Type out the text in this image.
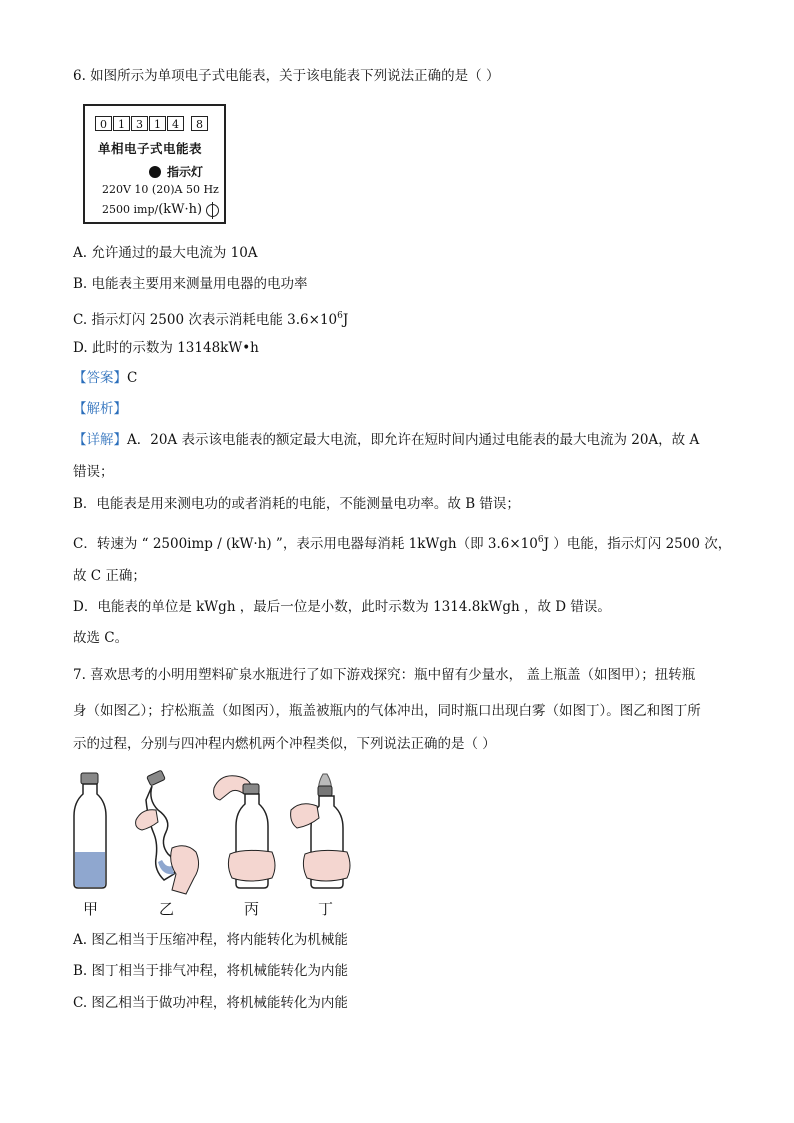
6. 如图所示为单项电子式电能表，关于该电能表下列说法正确的是（ ）
0	1	3	1	4	8
单相电子式电能表
指示灯
220V 10 (20)A 50 Hz
2500 imp/(kW·h)
A. 允许通过的最大电流为 10A
B. 电能表主要用来测量用电器的电功率
C. 指示灯闪 2500 次表示消耗电能 $3.6\times 10^6J$
D. 此时的示数为 13148kW•h
【答案】C
【解析】
【详解】A．20A 表示该电能表的额定最大电流，即允许在短时间内通过电能表的最大电流为 20A，故 A
错误；
B．电能表是用来测电功的或者消耗的电能，不能测量电功率。故 B 错误；
C．转速为 “ 2500imp / (kW·h) ”，表示用电器每消耗 1kWgh（即 $3.6\times 10^6J$ ）电能，指示灯闪 2500 次，
故 C 正确；
D．电能表的单位是 kWgh ，最后一位是小数，此时示数为 1314.8kWgh ，故 D 错误。
故选 C。
7. 喜欢思考的小明用塑料矿泉水瓶进行了如下游戏探究：瓶中留有少量水， 盖上瓶盖（如图甲）；扭转瓶
身（如图乙）；拧松瓶盖（如图丙），瓶盖被瓶内的气体冲出，同时瓶口出现白雾（如图丁）。图乙和图丁所
示的过程，分别与四冲程内燃机两个冲程类似，下列说法正确的是（ ）
甲	乙	丙	丁
A. 图乙相当于压缩冲程，将内能转化为机械能
B. 图丁相当于排气冲程，将机械能转化为内能
C. 图乙相当于做功冲程，将机械能转化为内能
